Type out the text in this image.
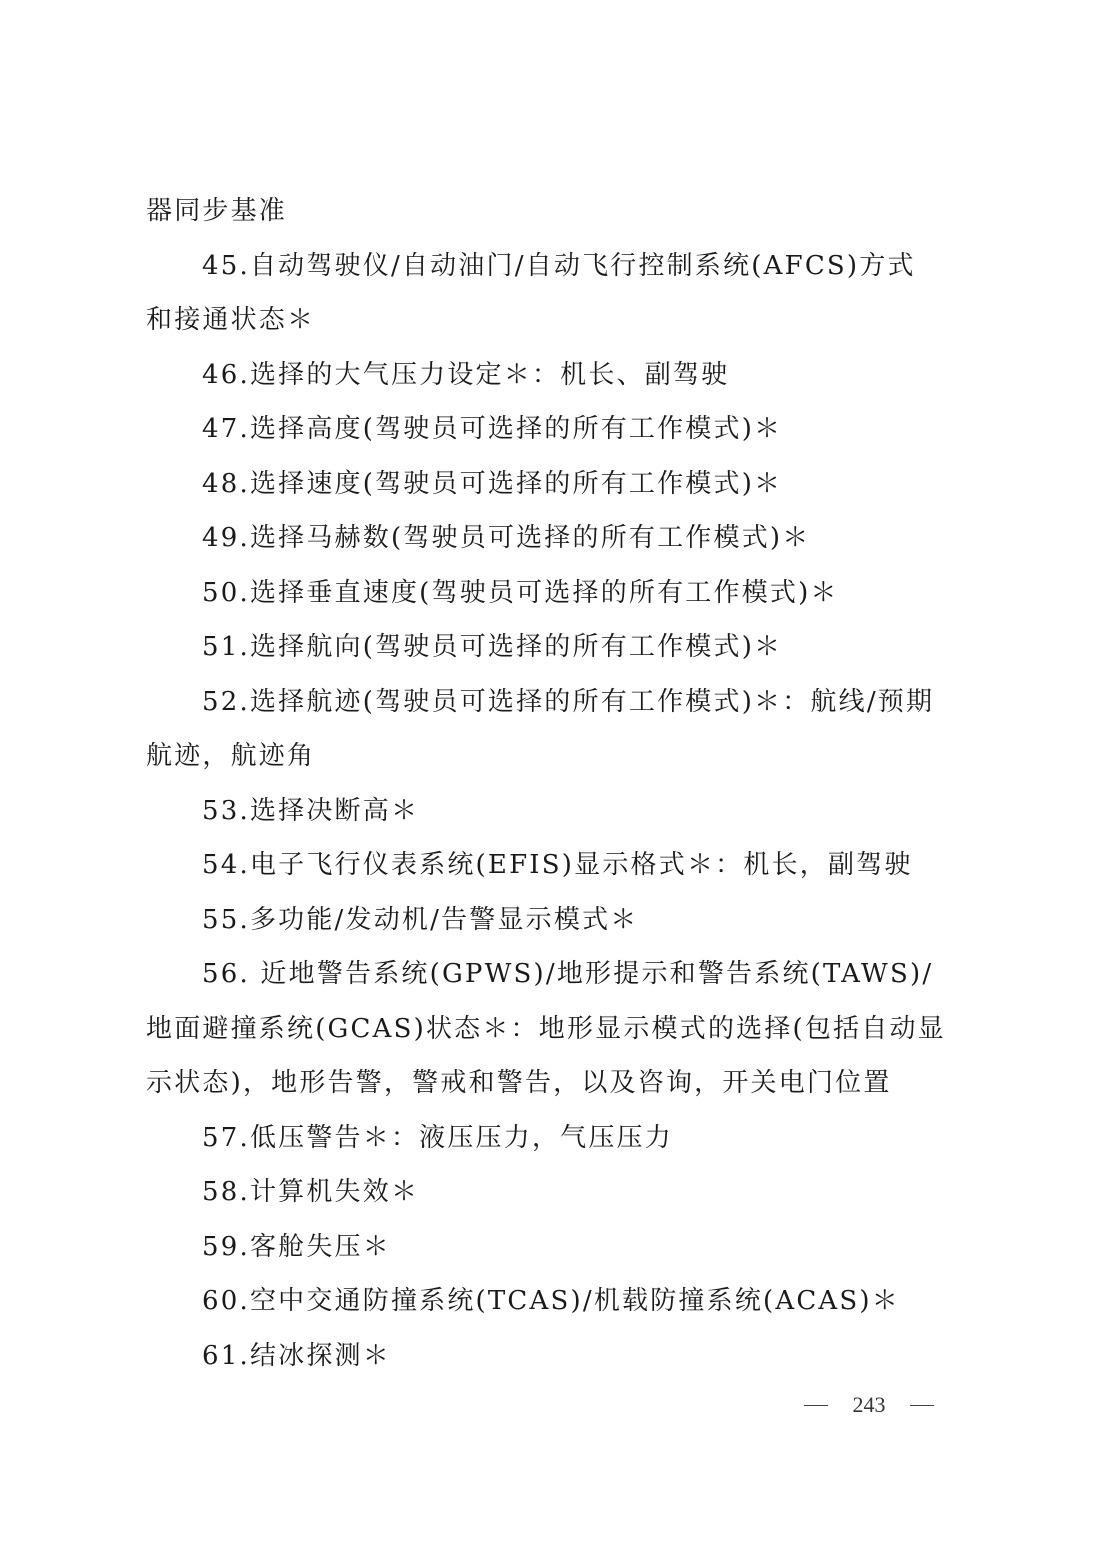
器同步基准
45.自动驾驶仪/自动油门/自动飞行控制系统(AFCS)方式
和接通状态＊
46.选择的大气压力设定＊：机长、副驾驶
47.选择高度(驾驶员可选择的所有工作模式)＊
48.选择速度(驾驶员可选择的所有工作模式)＊
49.选择马赫数(驾驶员可选择的所有工作模式)＊
50.选择垂直速度(驾驶员可选择的所有工作模式)＊
51.选择航向(驾驶员可选择的所有工作模式)＊
52.选择航迹(驾驶员可选择的所有工作模式)＊：航线/预期
航迹，航迹角
53.选择决断高＊
54.电子飞行仪表系统(EFIS)显示格式＊：机长，副驾驶
55.多功能/发动机/告警显示模式＊
56. 近地警告系统(GPWS)/地形提示和警告系统(TAWS)/
地面避撞系统(GCAS)状态＊：地形显示模式的选择(包括自动显
示状态)，地形告警，警戒和警告，以及咨询，开关电门位置
57.低压警告＊：液压压力，气压压力
58.计算机失效＊
59.客舱失压＊
60.空中交通防撞系统(TCAS)/机载防撞系统(ACAS)＊
61.结冰探测＊
243
